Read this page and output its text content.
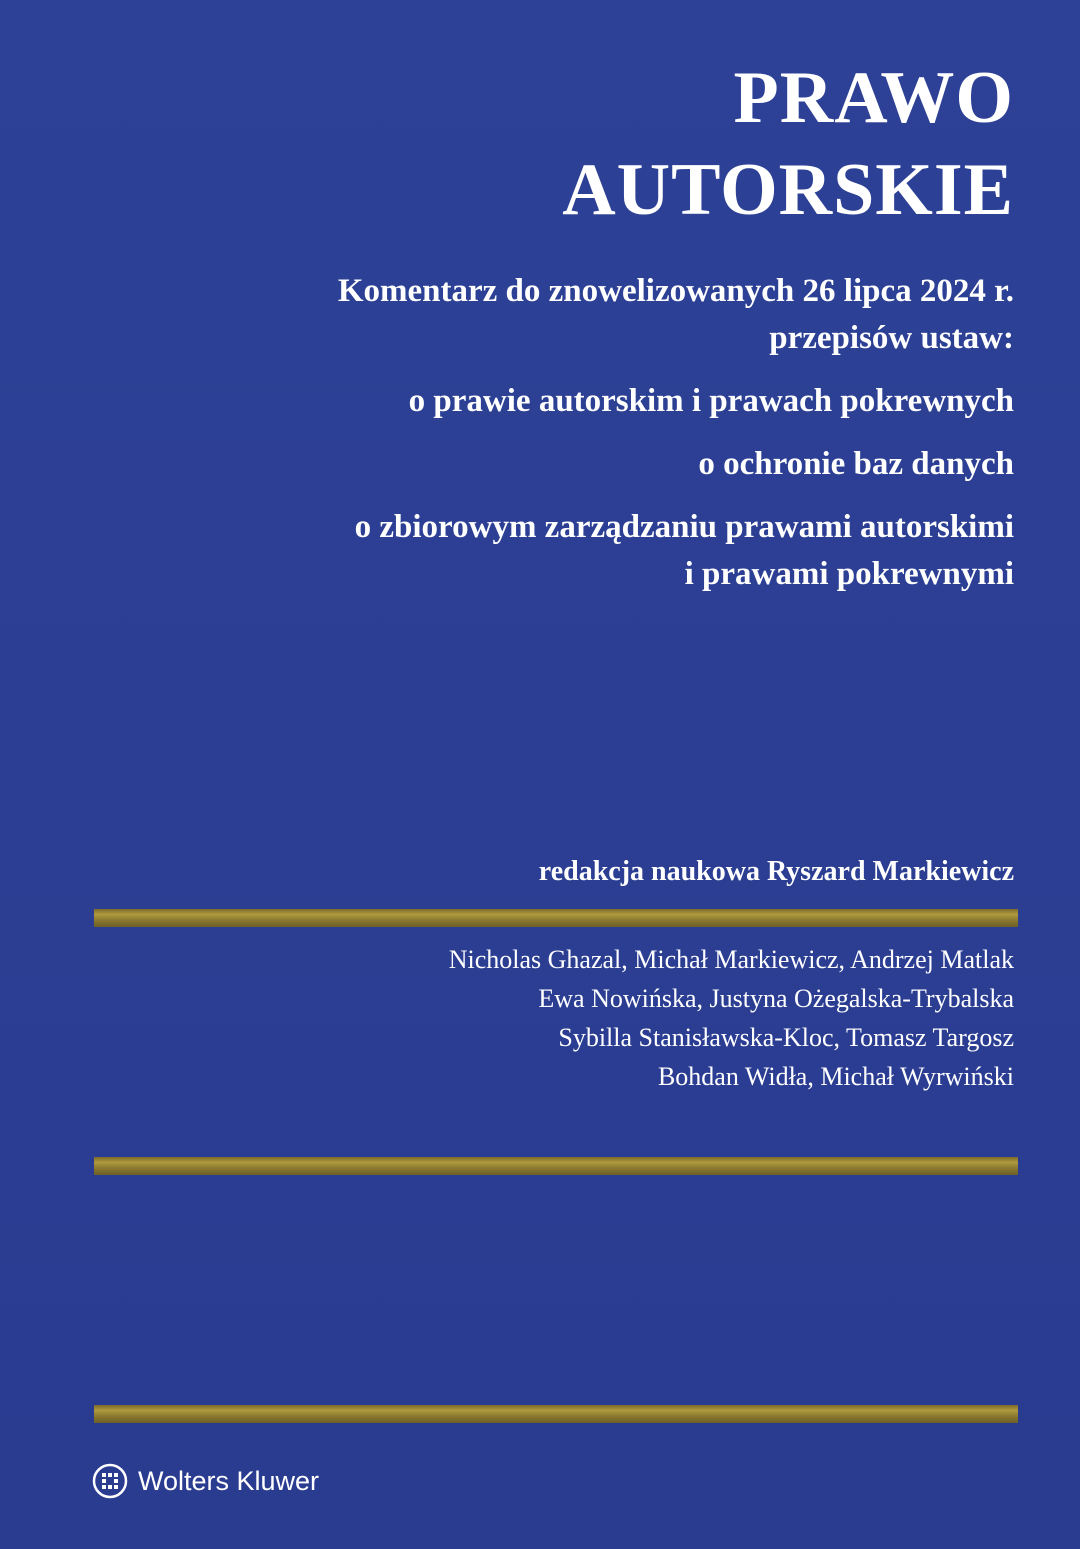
PRAWO
AUTORSKIE
Komentarz do znowelizowanych 26 lipca 2024 r.
przepisów ustaw:
o prawie autorskim i prawach pokrewnych
o ochronie baz danych
o zbiorowym zarządzaniu prawami autorskimi
i prawami pokrewnymi
redakcja naukowa Ryszard Markiewicz
Nicholas Ghazal, Michał Markiewicz, Andrzej Matlak
Ewa Nowińska, Justyna Ożegalska-Trybalska
Sybilla Stanisławska-Kloc, Tomasz Targosz
Bohdan Widła, Michał Wyrwiński
Wolters Kluwer
